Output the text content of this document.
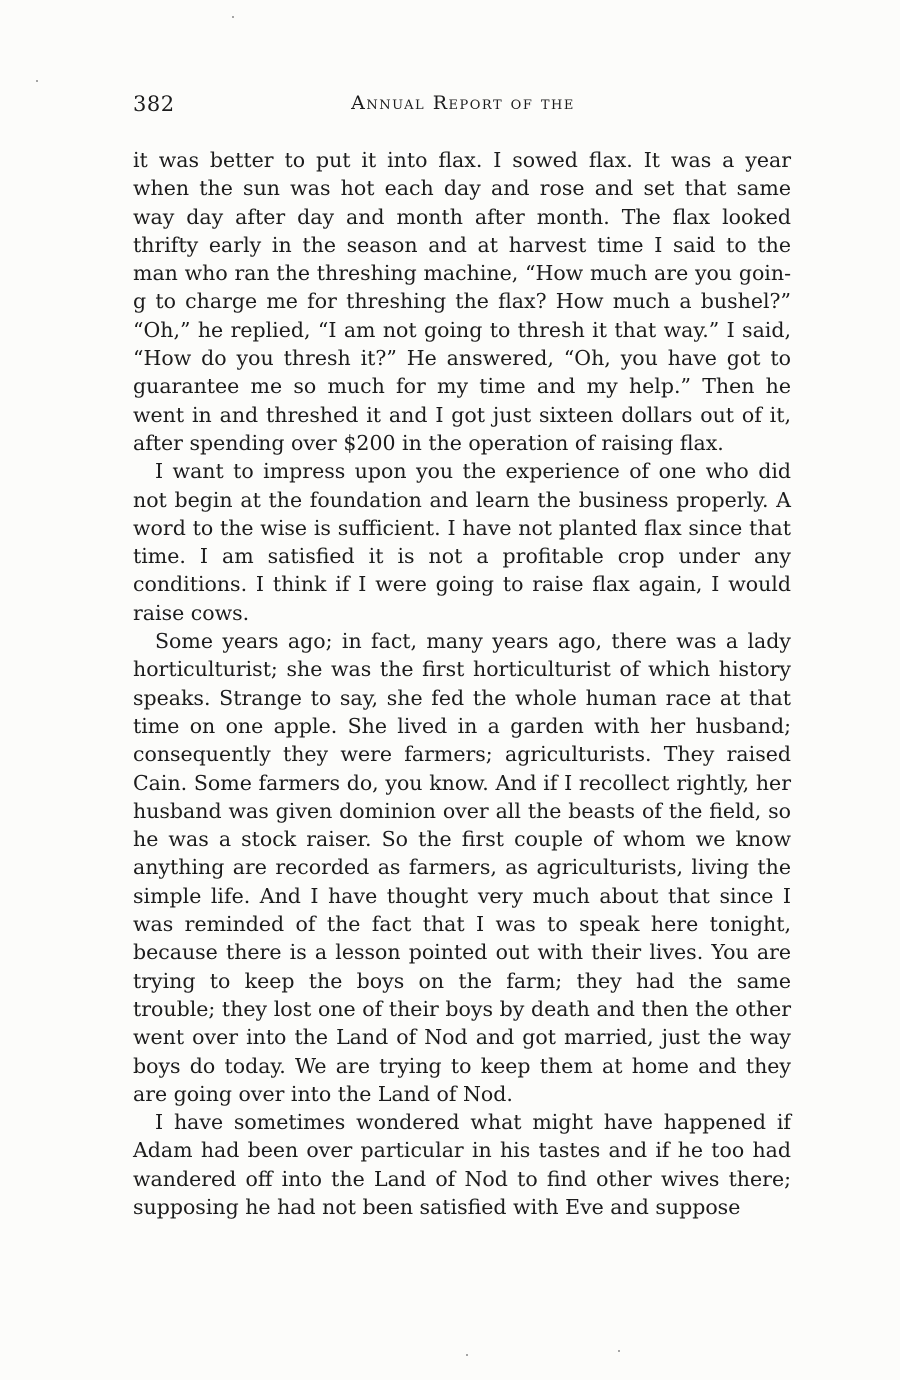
382	Annual Report of the

it was better to put it into flax. I sowed flax. It was a year when the sun was hot each day and rose and set that same way day after day and month after month. The flax looked thrifty early in the season and at harvest time I said to the man who ran the threshing machine, “How much are you going to charge me for threshing the flax? How much a bushel?” “Oh,” he replied, “I am not going to thresh it that way.” I said, “How do you thresh it?” He answered, “Oh, you have got to guarantee me so much for my time and my help.” Then he went in and threshed it and I got just sixteen dollars out of it, after spending over $200 in the operation of raising flax.

I want to impress upon you the experience of one who did not begin at the foundation and learn the business properly. A word to the wise is sufficient. I have not planted flax since that time. I am satisfied it is not a profitable crop under any conditions. I think if I were going to raise flax again, I would raise cows.

Some years ago; in fact, many years ago, there was a lady horticulturist; she was the first horticulturist of which history speaks. Strange to say, she fed the whole human race at that time on one apple. She lived in a garden with her husband; consequently they were farmers; agriculturists. They raised Cain. Some farmers do, you know. And if I recollect rightly, her husband was given dominion over all the beasts of the field, so he was a stock raiser. So the first couple of whom we know anything are recorded as farmers, as agriculturists, living the simple life. And I have thought very much about that since I was reminded of the fact that I was to speak here tonight, because there is a lesson pointed out with their lives. You are trying to keep the boys on the farm; they had the same trouble; they lost one of their boys by death and then the other went over into the Land of Nod and got married, just the way boys do today. We are trying to keep them at home and they are going over into the Land of Nod.

I have sometimes wondered what might have happened if Adam had been over particular in his tastes and if he too had wandered off into the Land of Nod to find other wives there; supposing he had not been satisfied with Eve and suppose
